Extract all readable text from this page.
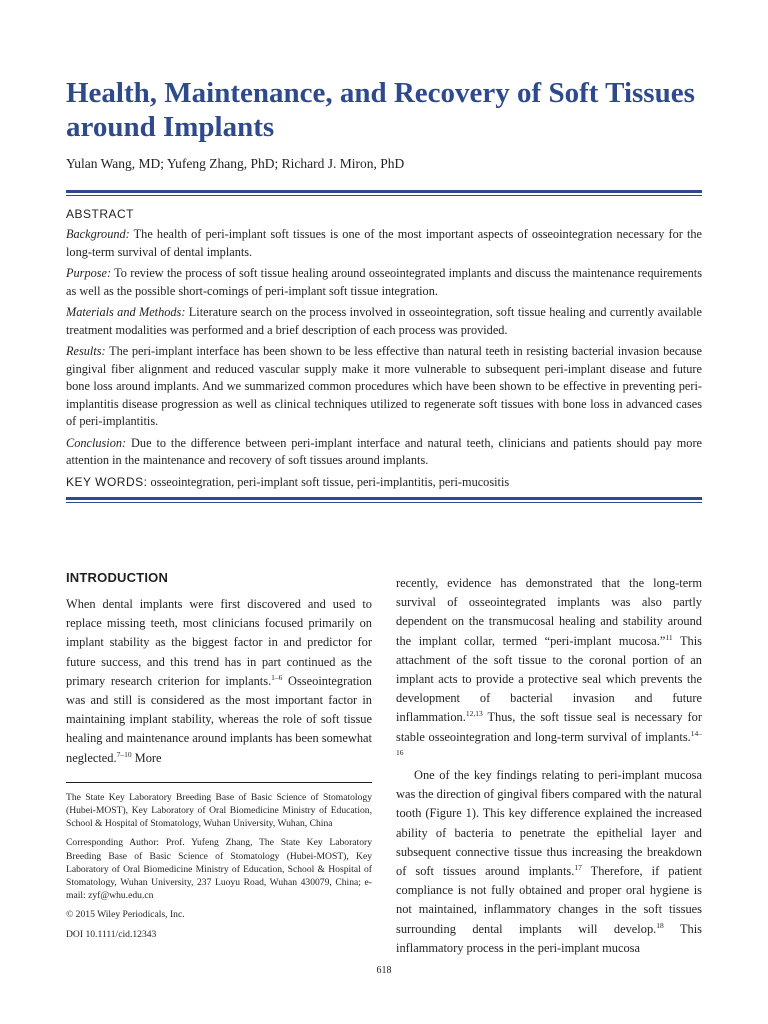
Health, Maintenance, and Recovery of Soft Tissues around Implants
Yulan Wang, MD; Yufeng Zhang, PhD; Richard J. Miron, PhD
ABSTRACT

Background: The health of peri-implant soft tissues is one of the most important aspects of osseointegration necessary for the long-term survival of dental implants.

Purpose: To review the process of soft tissue healing around osseointegrated implants and discuss the maintenance requirements as well as the possible short-comings of peri-implant soft tissue integration.

Materials and Methods: Literature search on the process involved in osseointegration, soft tissue healing and currently available treatment modalities was performed and a brief description of each process was provided.

Results: The peri-implant interface has been shown to be less effective than natural teeth in resisting bacterial invasion because gingival fiber alignment and reduced vascular supply make it more vulnerable to subsequent peri-implant disease and future bone loss around implants. And we summarized common procedures which have been shown to be effective in preventing peri-implantitis disease progression as well as clinical techniques utilized to regenerate soft tissues with bone loss in advanced cases of peri-implantitis.

Conclusion: Due to the difference between peri-implant interface and natural teeth, clinicians and patients should pay more attention in the maintenance and recovery of soft tissues around implants.

KEY WORDS: osseointegration, peri-implant soft tissue, peri-implantitis, peri-mucositis

INTRODUCTION

When dental implants were first discovered and used to replace missing teeth, most clinicians focused primarily on implant stability as the biggest factor in and predictor for future success, and this trend has in part continued as the primary research criterion for implants.$^{1-6}$ Osseointegration was and still is considered as the most important factor in maintaining implant stability, whereas the role of soft tissue healing and maintenance around implants has been somewhat neglected.$^{7-10}$ More

The State Key Laboratory Breeding Base of Basic Science of Stomatology (Hubei-MOST), Key Laboratory of Oral Biomedicine Ministry of Education, School & Hospital of Stomatology, Wuhan University, Wuhan, China

Corresponding Author: Prof. Yufeng Zhang, The State Key Laboratory Breeding Base of Basic Science of Stomatology (Hubei-MOST), Key Laboratory of Oral Biomedicine Ministry of Education, School & Hospital of Stomatology, Wuhan University, 237 Luoyu Road, Wuhan 430079, China; e-mail: zyf@whu.edu.cn

© 2015 Wiley Periodicals, Inc.

DOI 10.1111/cid.12343

recently, evidence has demonstrated that the long-term survival of osseointegrated implants was also partly dependent on the transmucosal healing and stability around the implant collar, termed “peri-implant mucosa.”$^{11}$ This attachment of the soft tissue to the coronal portion of an implant acts to provide a protective seal which prevents the development of bacterial invasion and future inflammation.$^{12,13}$ Thus, the soft tissue seal is necessary for stable osseointegration and long-term survival of implants.$^{14-16}$

One of the key findings relating to peri-implant mucosa was the direction of gingival fibers compared with the natural tooth (Figure 1). This key difference explained the increased ability of bacteria to penetrate the epithelial layer and subsequent connective tissue thus increasing the breakdown of soft tissues around implants.$^{17}$ Therefore, if patient compliance is not fully obtained and proper oral hygiene is not maintained, inflammatory changes in the soft tissues surrounding dental implants will develop.$^{18}$ This inflammatory process in the peri-implant mucosa

618
